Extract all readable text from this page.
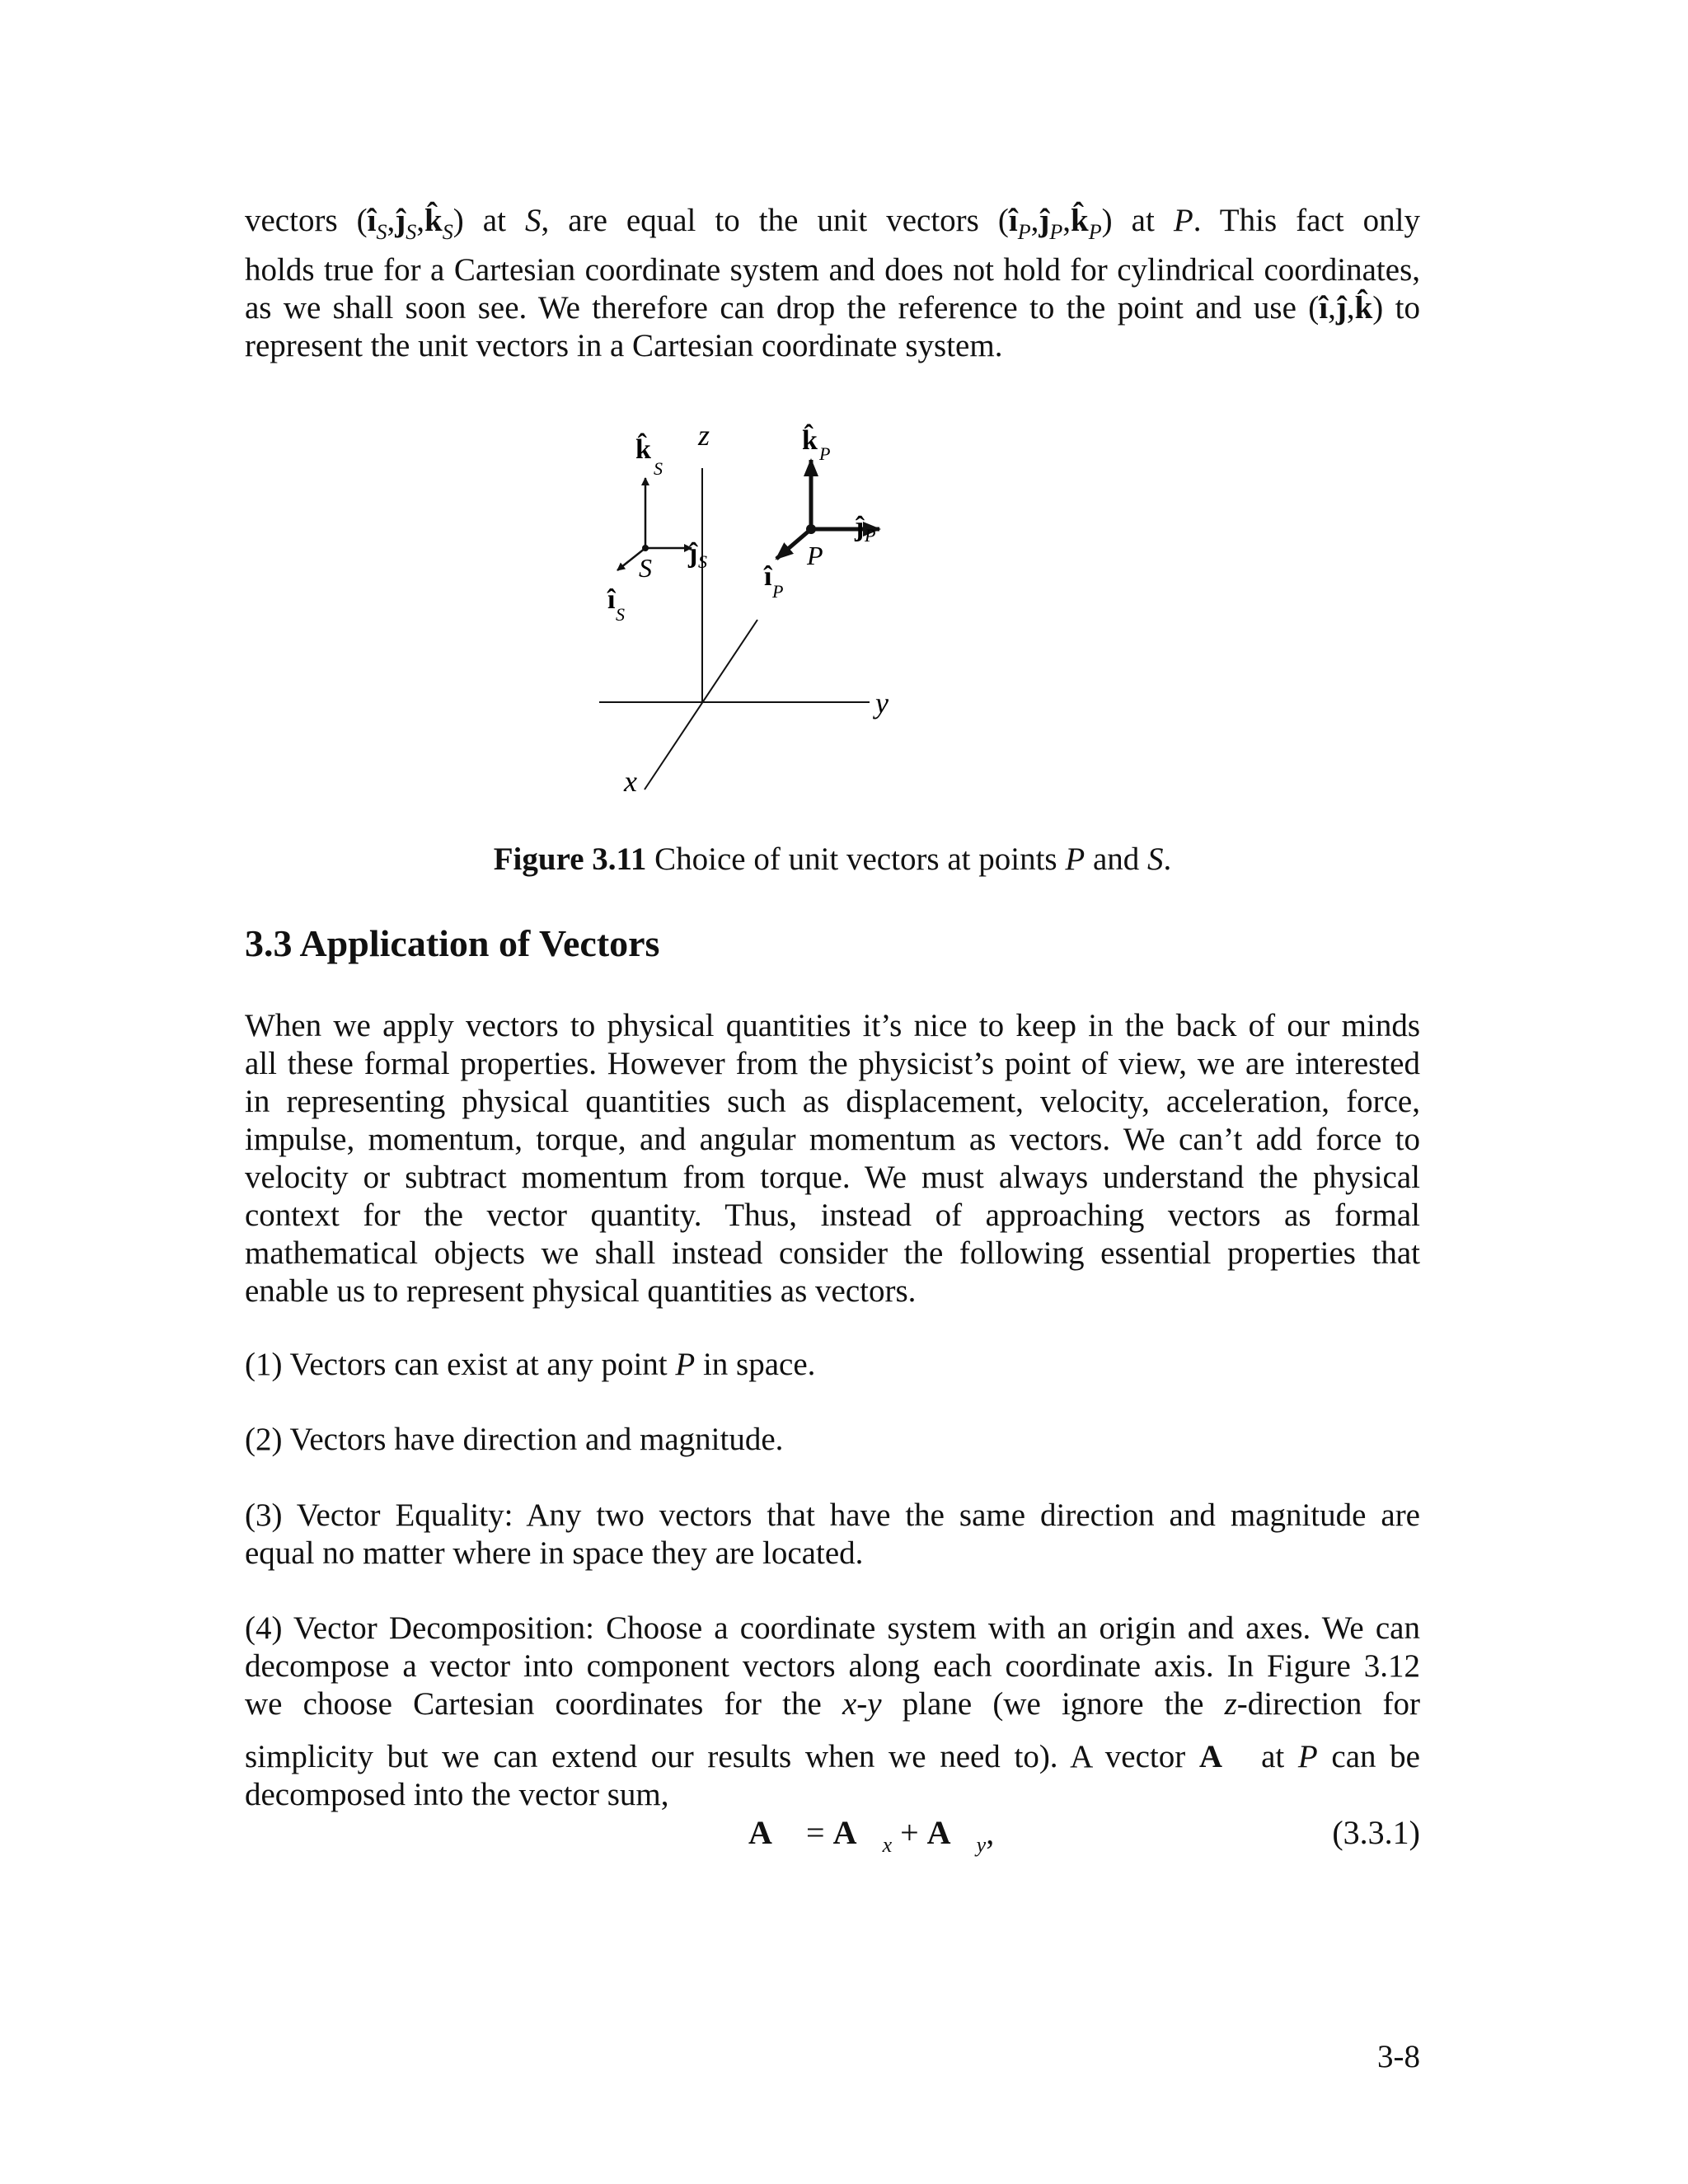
vectors $(î_S,ĵ_S,k̂_S)$ at S, are equal to the unit vectors $(î_P,ĵ_P,k̂_P)$ at P. This fact only
holds true for a Cartesian coordinate system and does not hold for cylindrical coordinates,
as we shall soon see. We therefore can drop the reference to the point and use (î,ĵ,k̂) to
represent the unit vectors in a Cartesian coordinate system.
z
y
x
S
k̂
S
ĵ S
î S
P
k̂ P
ĵ P
î P
Figure 3.11 Choice of unit vectors at points P and S.
3.3 Application of Vectors
When we apply vectors to physical quantities it’s nice to keep in the back of our minds
all these formal properties. However from the physicist’s point of view, we are interested
in representing physical quantities such as displacement, velocity, acceleration, force,
impulse, momentum, torque, and angular momentum as vectors. We can’t add force to
velocity or subtract momentum from torque. We must always understand the physical
context for the vector quantity. Thus, instead of approaching vectors as formal
mathematical objects we shall instead consider the following essential properties that
enable us to represent physical quantities as vectors.
(1) Vectors can exist at any point P in space.
(2) Vectors have direction and magnitude.
(3) Vector Equality: Any two vectors that have the same direction and magnitude are
equal no matter where in space they are located.
(4) Vector Decomposition: Choose a coordinate system with an origin and axes. We can
decompose a vector into component vectors along each coordinate axis. In Figure 3.12
we choose Cartesian coordinates for the x-y plane (we ignore the z-direction for
simplicity but we can extend our results when we need to). A vector A⃗ at P can be
decomposed into the vector sum,
A⃗ = $A⃗_x$ + $A⃗_y$,	(3.3.1)
3-8
